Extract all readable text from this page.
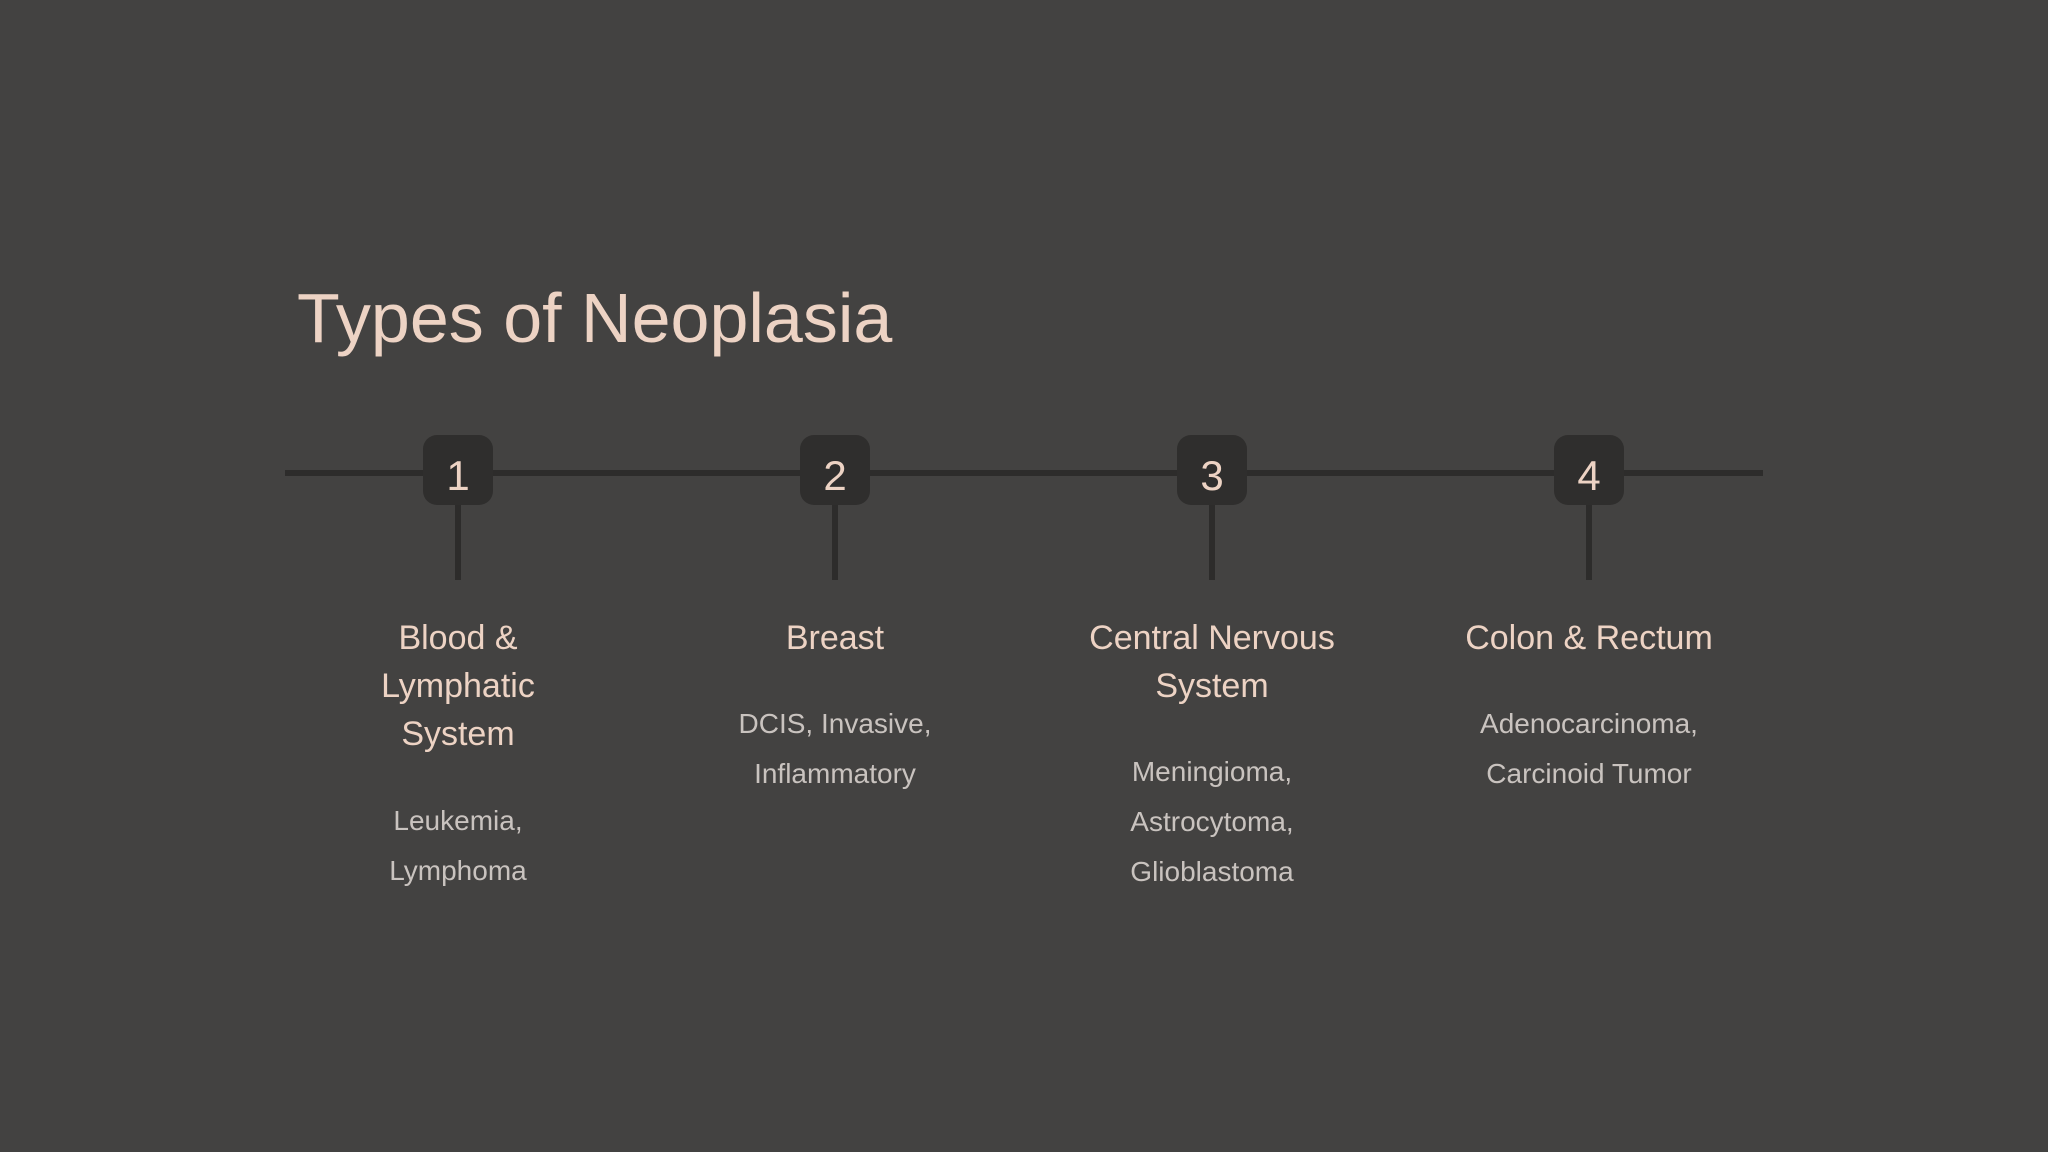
Types of Neoplasia
1
Blood &
Lymphatic
System
Leukemia,
Lymphoma
2
Breast
DCIS, Invasive,
Inflammatory
3
Central Nervous
System
Meningioma,
Astrocytoma,
Glioblastoma
4
Colon & Rectum
Adenocarcinoma,
Carcinoid Tumor
